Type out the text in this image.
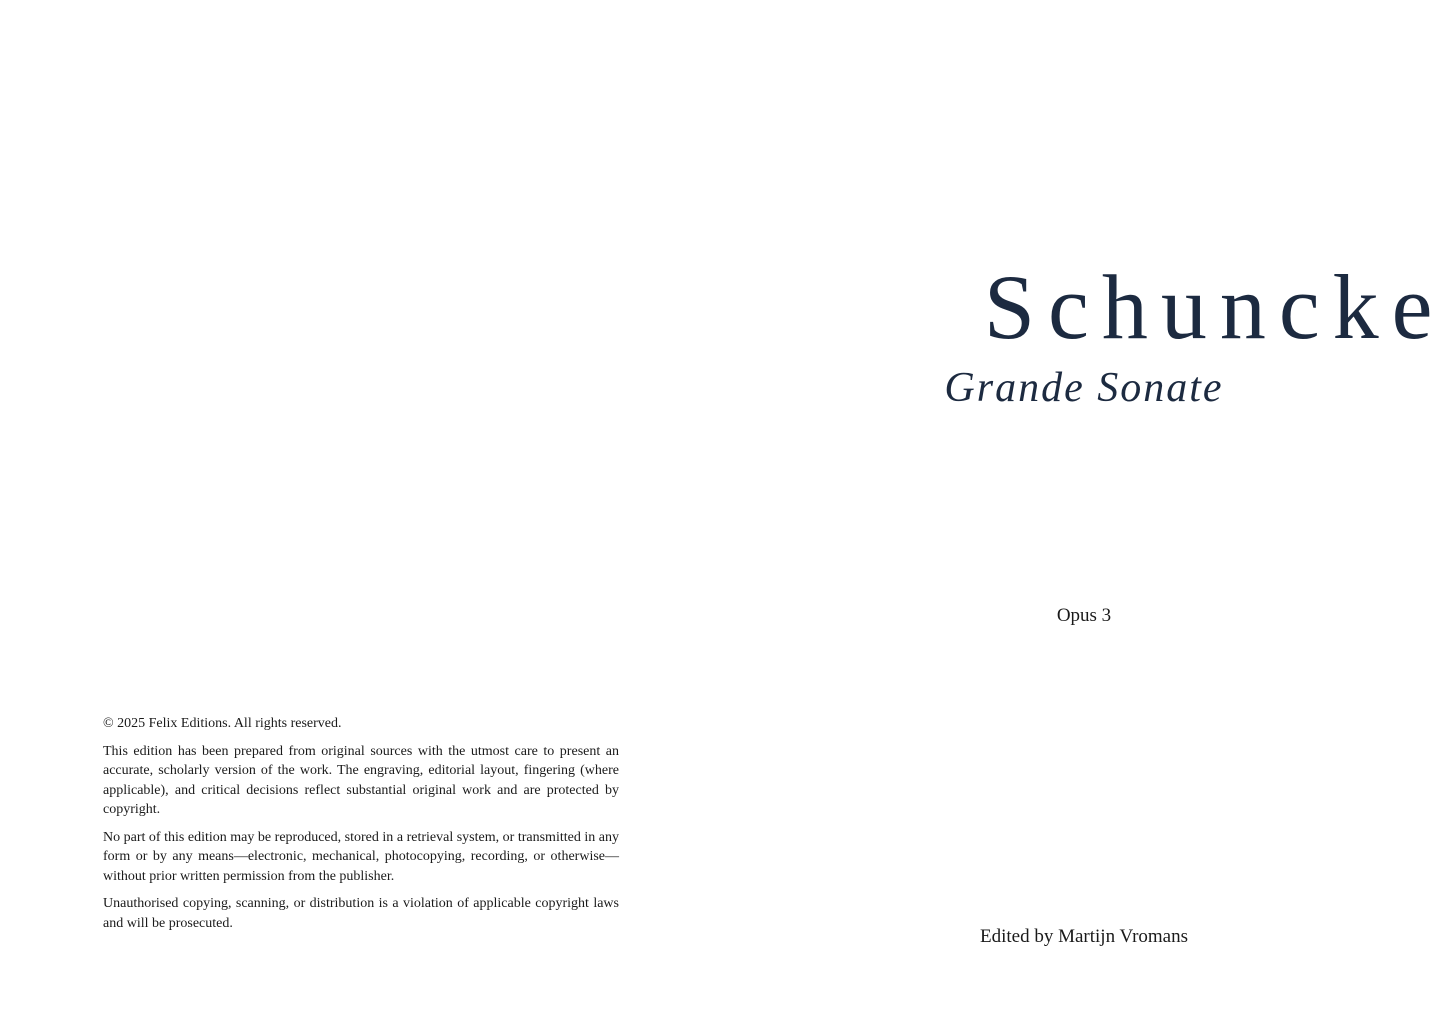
© 2025 Felix Editions. All rights reserved.

This edition has been prepared from original sources with the utmost care to present an accurate, scholarly version of the work. The engraving, editorial layout, fingering (where applicable), and critical decisions reflect substantial original work and are protected by copyright.

No part of this edition may be reproduced, stored in a retrieval system, or transmitted in any form or by any means—electronic, mechanical, photocopying, recording, or otherwise—without prior written permission from the publisher.

Unauthorised copying, scanning, or distribution is a violation of applicable copyright laws and will be prosecuted.

Schuncke
Grande Sonate
Opus 3
Edited by Martijn Vromans
